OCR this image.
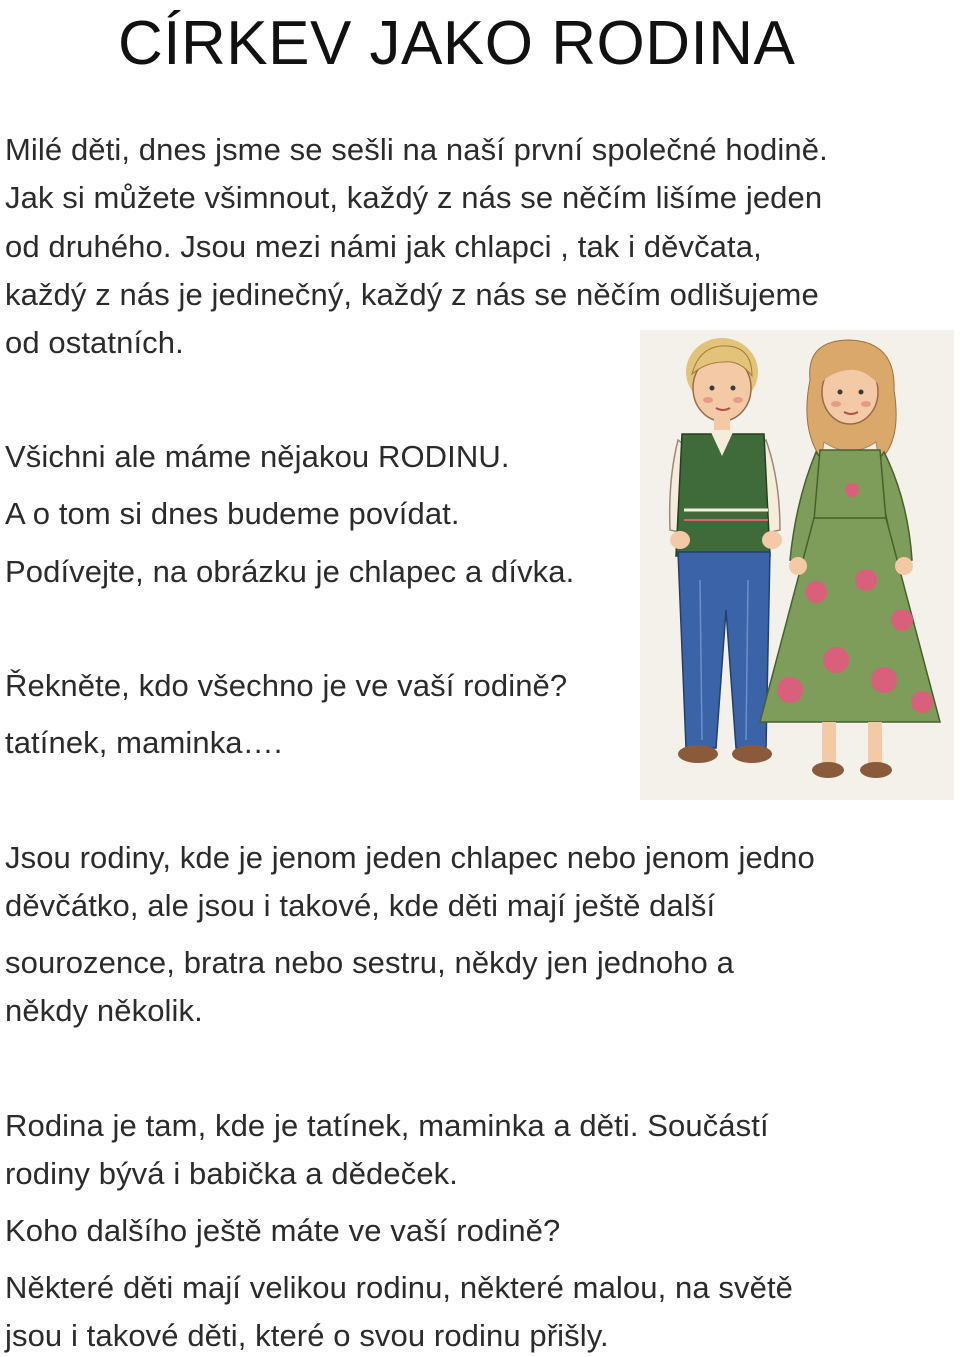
CÍRKEV JAKO RODINA

Milé děti, dnes jsme se sešli na naší první společné hodině.

Jak si můžete všimnout, každý z nás se něčím lišíme jeden

od druhého. Jsou mezi námi jak chlapci , tak i děvčata,

každý z nás je jedinečný, každý z nás se něčím odlišujeme

od ostatních.

Všichni ale máme nějakou RODINU.

A o tom si dnes budeme povídat.

Podívejte, na obrázku je chlapec a dívka.

Řekněte, kdo všechno je ve vaší rodině?

tatínek, maminka….

Jsou rodiny, kde je jenom jeden chlapec nebo jenom jedno

děvčátko, ale jsou i takové, kde děti mají ještě další

sourozence, bratra nebo sestru, někdy jen jednoho a

někdy několik.

Rodina je tam, kde je tatínek, maminka a děti. Součástí

rodiny bývá i babička a dědeček.

Koho dalšího ještě máte ve vaší rodině?

Některé děti mají velikou rodinu, některé malou, na světě

jsou i takové děti, které o svou rodinu přišly.
